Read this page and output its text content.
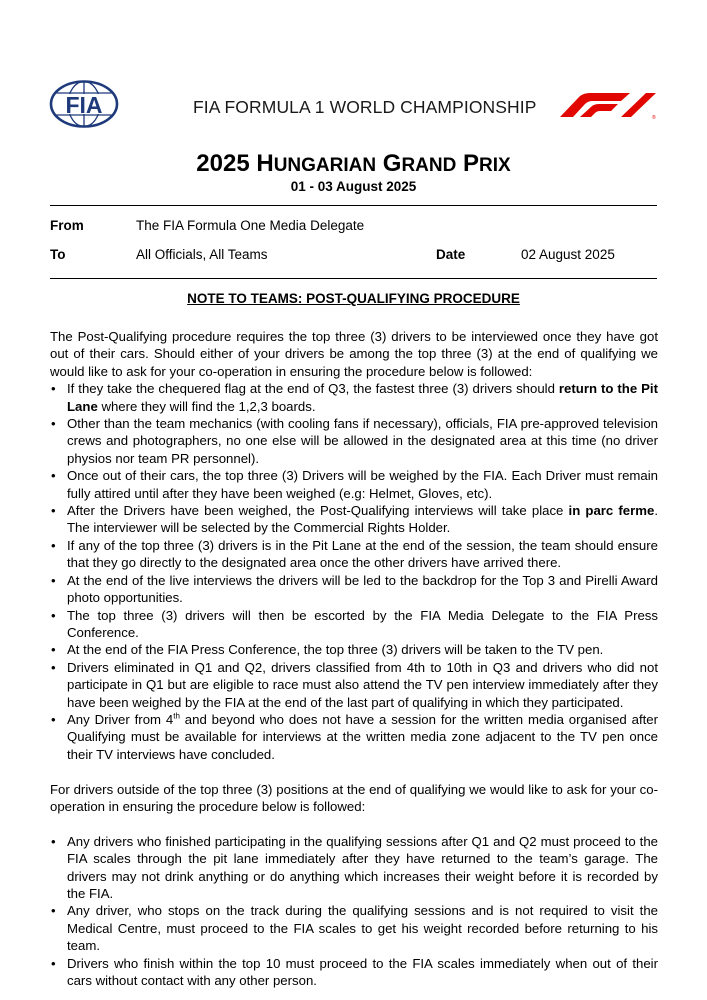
FIA	FIA FORMULA 1 WORLD CHAMPIONSHIP
®
2025 HUNGARIAN GRAND PRIX
01 - 03 August 2025
From	The FIA Formula One Media Delegate
To	All Officials, All Teams	Date	02 August 2025
NOTE TO TEAMS: POST-QUALIFYING PROCEDURE

The Post-Qualifying procedure requires the top three (3) drivers to be interviewed once they have got out of their cars. Should either of your drivers be among the top three (3) at the end of qualifying we would like to ask for your co-operation in ensuring the procedure below is followed:

• If they take the chequered flag at the end of Q3, the fastest three (3) drivers should return to the Pit Lane where they will find the 1,2,3 boards.
• Other than the team mechanics (with cooling fans if necessary), officials, FIA pre-approved television crews and photographers, no one else will be allowed in the designated area at this time (no driver physios nor team PR personnel).
• Once out of their cars, the top three (3) Drivers will be weighed by the FIA. Each Driver must remain fully attired until after they have been weighed (e.g: Helmet, Gloves, etc).
• After the Drivers have been weighed, the Post-Qualifying interviews will take place in parc ferme. The interviewer will be selected by the Commercial Rights Holder.
• If any of the top three (3) drivers is in the Pit Lane at the end of the session, the team should ensure that they go directly to the designated area once the other drivers have arrived there.
• At the end of the live interviews the drivers will be led to the backdrop for the Top 3 and Pirelli Award photo opportunities.
• The top three (3) drivers will then be escorted by the FIA Media Delegate to the FIA Press Conference.
• At the end of the FIA Press Conference, the top three (3) drivers will be taken to the TV pen.
• Drivers eliminated in Q1 and Q2, drivers classified from 4th to 10th in Q3 and drivers who did not participate in Q1 but are eligible to race must also attend the TV pen interview immediately after they have been weighed by the FIA at the end of the last part of qualifying in which they participated.
• Any Driver from 4th and beyond who does not have a session for the written media organised after Qualifying must be available for interviews at the written media zone adjacent to the TV pen once their TV interviews have concluded.

For drivers outside of the top three (3) positions at the end of qualifying we would like to ask for your co-operation in ensuring the procedure below is followed:

• Any drivers who finished participating in the qualifying sessions after Q1 and Q2 must proceed to the FIA scales through the pit lane immediately after they have returned to the team’s garage. The drivers may not drink anything or do anything which increases their weight before it is recorded by the FIA.
• Any driver, who stops on the track during the qualifying sessions and is not required to visit the Medical Centre, must proceed to the FIA scales to get his weight recorded before returning to his team.
• Drivers who finish within the top 10 must proceed to the FIA scales immediately when out of their cars without contact with any other person.
